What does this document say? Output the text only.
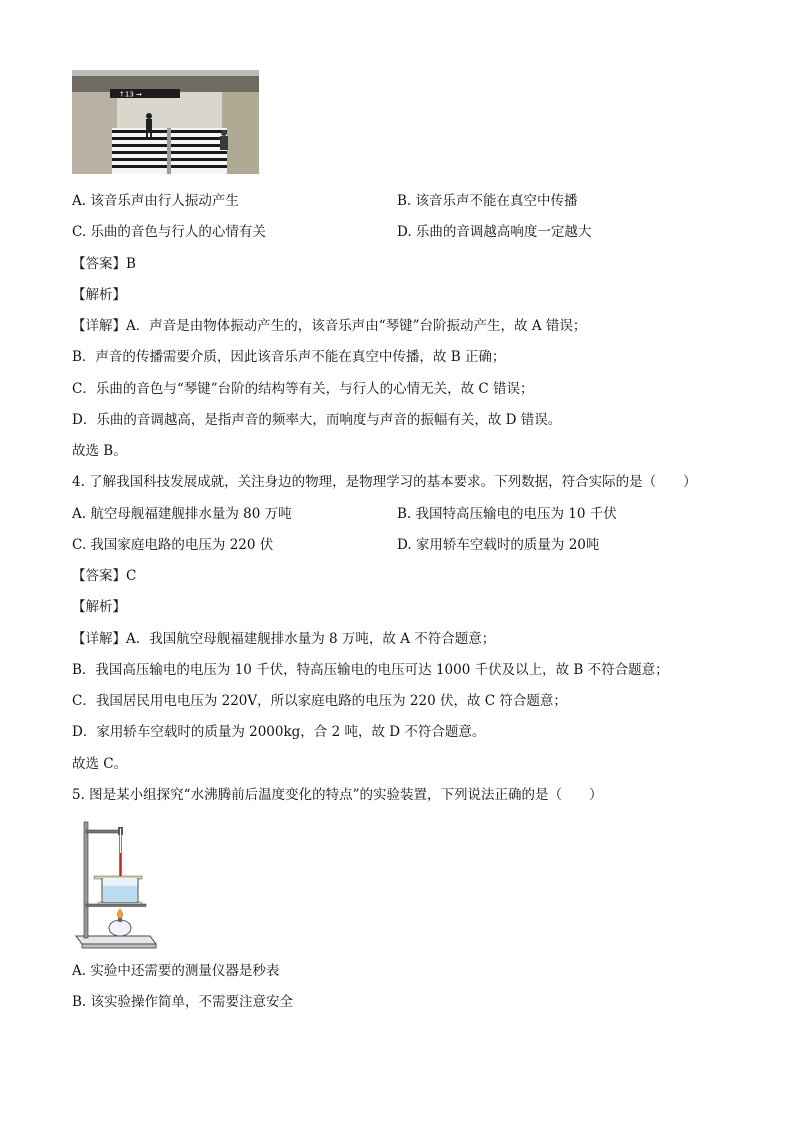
↑13 ➞
A. 该音乐声由行人振动产生	B. 该音乐声不能在真空中传播
C. 乐曲的音色与行人的心情有关	D. 乐曲的音调越高响度一定越大
【答案】B
【解析】
【详解】A．声音是由物体振动产生的，该音乐声由“琴键”台阶振动产生，故 A 错误；
B．声音的传播需要介质，因此该音乐声不能在真空中传播，故 B 正确；
C．乐曲的音色与“琴键”台阶的结构等有关，与行人的心情无关，故 C 错误；
D．乐曲的音调越高，是指声音的频率大，而响度与声音的振幅有关，故 D 错误。
故选 B。
4. 了解我国科技发展成就，关注身边的物理，是物理学习的基本要求。下列数据，符合实际的是（　　）
A. 航空母舰福建舰排水量为 80 万吨	B. 我国特高压输电的电压为 10 千伏
C. 我国家庭电路的电压为 220 伏	D. 家用轿车空载时的质量为 20吨
【答案】C
【解析】
【详解】A．我国航空母舰福建舰排水量为 8 万吨，故 A 不符合题意；
B．我国高压输电的电压为 10 千伏，特高压输电的电压可达 1000 千伏及以上，故 B 不符合题意；
C．我国居民用电电压为 220V，所以家庭电路的电压为 220 伏，故 C 符合题意；
D．家用轿车空载时的质量为 2000kg，合 2 吨，故 D 不符合题意。
故选 C。
5. 图是某小组探究“水沸腾前后温度变化的特点”的实验装置，下列说法正确的是（　　）
A. 实验中还需要的测量仪器是秒表
B. 该实验操作简单，不需要注意安全
